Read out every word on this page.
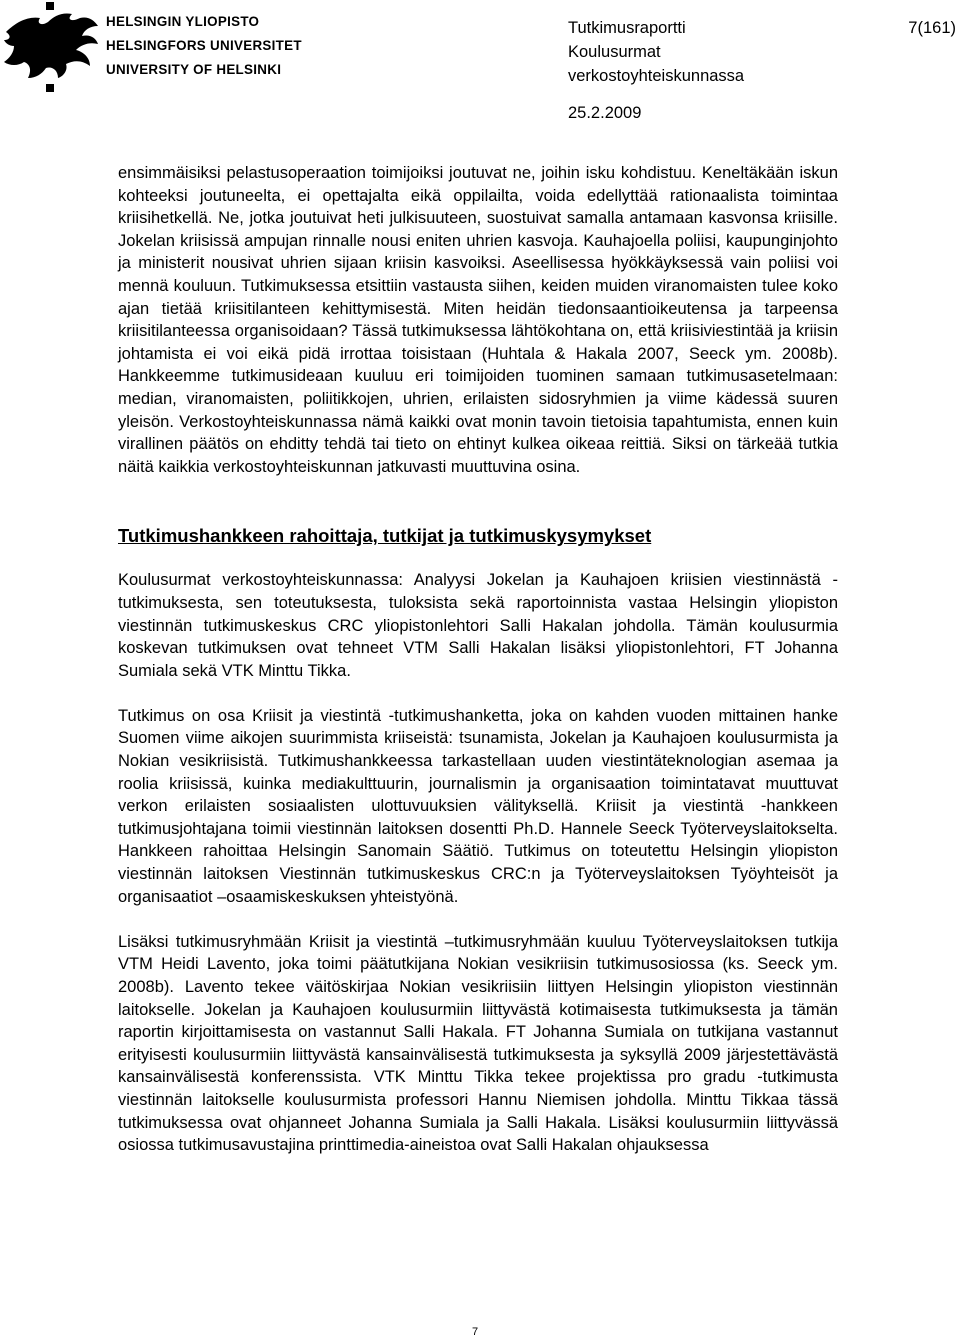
HELSINGIN YLIOPISTO
HELSINGFORS UNIVERSITET
UNIVERSITY OF HELSINKI
Tutkimusraportti
Koulusurmat
verkostoyhteiskunnassa
7(161)
25.2.2009

ensimmäisiksi pelastusoperaation toimijoiksi joutuvat ne, joihin isku kohdistuu. Keneltäkään iskun kohteeksi joutuneelta, ei opettajalta eikä oppilailta, voida edellyttää rationaalista toimintaa kriisihetkellä. Ne, jotka joutuivat heti julkisuuteen, suostuivat samalla antamaan kasvonsa kriisille. Jokelan kriisissä ampujan rinnalle nousi eniten uhrien kasvoja. Kauhajoella poliisi, kaupunginjohto ja ministerit nousivat uhrien sijaan kriisin kasvoiksi. Aseellisessa hyökkäyksessä vain poliisi voi mennä kouluun. Tutkimuksessa etsittiin vastausta siihen, keiden muiden viranomaisten tulee koko ajan tietää kriisitilanteen kehittymisestä. Miten heidän tiedonsaantioikeutensa ja tarpeensa kriisitilanteessa organisoidaan? Tässä tutkimuksessa lähtökohtana on, että kriisiviestintää ja kriisin johtamista ei voi eikä pidä irrottaa toisistaan (Huhtala & Hakala 2007, Seeck ym. 2008b). Hankkeemme tutkimusideaan kuuluu eri toimijoiden tuominen samaan tutkimusasetelmaan: median, viranomaisten, poliitikkojen, uhrien, erilaisten sidosryhmien ja viime kädessä suuren yleisön. Verkostoyhteiskunnassa nämä kaikki ovat monin tavoin tietoisia tapahtumista, ennen kuin virallinen päätös on ehditty tehdä tai tieto on ehtinyt kulkea oikeaa reittiä. Siksi on tärkeää tutkia näitä kaikkia verkostoyhteiskunnan jatkuvasti muuttuvina osina.

Tutkimushankkeen rahoittaja, tutkijat ja tutkimuskysymykset

Koulusurmat verkostoyhteiskunnassa: Analyysi Jokelan ja Kauhajoen kriisien viestinnästä -tutkimuksesta, sen toteutuksesta, tuloksista sekä raportoinnista vastaa Helsingin yliopiston viestinnän tutkimuskeskus CRC yliopistonlehtori Salli Hakalan johdolla. Tämän koulusurmia koskevan tutkimuksen ovat tehneet VTM Salli Hakalan lisäksi yliopistonlehtori, FT Johanna Sumiala sekä VTK Minttu Tikka.

Tutkimus on osa Kriisit ja viestintä -tutkimushanketta, joka on kahden vuoden mittainen hanke Suomen viime aikojen suurimmista kriiseistä: tsunamista, Jokelan ja Kauhajoen koulusurmista ja Nokian vesikriisistä. Tutkimushankkeessa tarkastellaan uuden viestintäteknologian asemaa ja roolia kriisissä, kuinka mediakulttuurin, journalismin ja organisaation toimintatavat muuttuvat verkon erilaisten sosiaalisten ulottuvuuksien välityksellä. Kriisit ja viestintä -hankkeen tutkimusjohtajana toimii viestinnän laitoksen dosentti Ph.D. Hannele Seeck Työterveyslaitokselta. Hankkeen rahoittaa Helsingin Sanomain Säätiö. Tutkimus on toteutettu Helsingin yliopiston viestinnän laitoksen Viestinnän tutkimuskeskus CRC:n ja Työterveyslaitoksen Työyhteisöt ja organisaatiot –osaamiskeskuksen yhteistyönä.

Lisäksi tutkimusryhmään Kriisit ja viestintä –tutkimusryhmään kuuluu Työterveyslaitoksen tutkija VTM Heidi Lavento, joka toimi päätutkijana Nokian vesikriisin tutkimusosiossa (ks. Seeck ym. 2008b). Lavento tekee väitöskirjaa Nokian vesikriisiin liittyen Helsingin yliopiston viestinnän laitokselle. Jokelan ja Kauhajoen koulusurmiin liittyvästä kotimaisesta tutkimuksesta ja tämän raportin kirjoittamisesta on vastannut Salli Hakala. FT Johanna Sumiala on tutkijana vastannut erityisesti koulusurmiin liittyvästä kansainvälisestä tutkimuksesta ja syksyllä 2009 järjestettävästä kansainvälisestä konferenssista. VTK Minttu Tikka tekee projektissa pro gradu -tutkimusta viestinnän laitokselle koulusurmista professori Hannu Niemisen johdolla. Minttu Tikkaa tässä tutkimuksessa ovat ohjanneet Johanna Sumiala ja Salli Hakala. Lisäksi koulusurmiin liittyvässä osiossa tutkimusavustajina printtimedia-aineistoa ovat Salli Hakalan ohjauksessa

7
